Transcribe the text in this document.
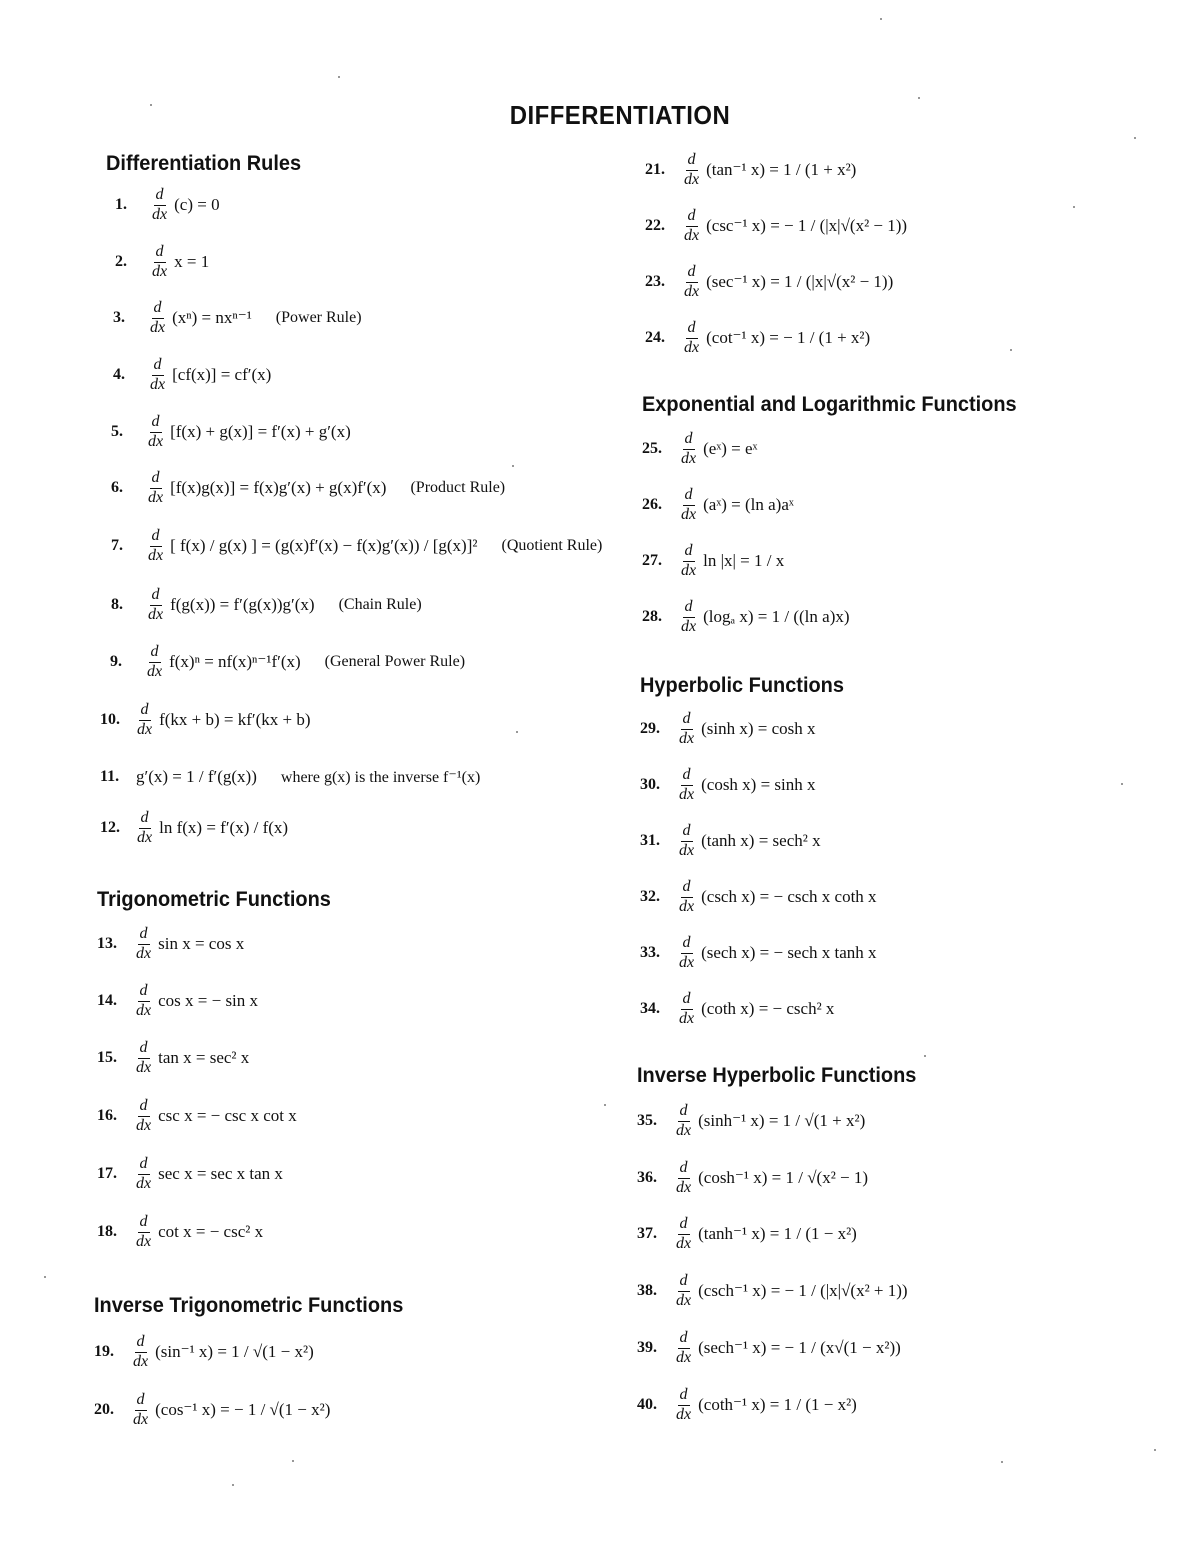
DIFFERENTIATION
Differentiation Rules
1.	$\frac{d}{dx} (c) = 0$
2.	$\frac{d}{dx}$ x = 1
3.	$\frac{d}{dx} (x^n) = nx^{n-1}$ (Power Rule)
4.	$\frac{d}{dx} [cf(x)] = cf'(x)$
5.	$\frac{d}{dx} [f(x) + g(x)] = f'(x) + g'(x)$
6.	$\frac{d}{dx} [f(x)g(x)] = f(x)g'(x) + g(x)f'(x)$ (Product Rule)
7.	$\frac{d}{dx}$ [ f(x) / g(x) ] = (g(x)f′(x) − f(x)g′(x)) / [g(x)]² (Quotient Rule)
8.	$\frac{d}{dx} f(g(x)) = f'(g(x))g'(x)$ (Chain Rule)
9.	$\frac{d}{dx} f(x)^n = nf(x)^{n-1}f'(x)$ (General Power Rule)
10. $\frac{d}{dx} f(kx + b) = kf'(kx + b)$
11. g′(x) = 1 / f′(g(x)) where g(x) is the inverse f⁻¹(x)
12. $\frac{d}{dx}$ ln f(x) = f′(x) / f(x)
Trigonometric Functions
13.	$\frac{d}{dx}$ sin x = cos x
14.	$\frac{d}{dx}$ cos x = − sin x
15.	$\frac{d}{dx}$ tan x = sec² x
16.	$\frac{d}{dx}$ csc x = − csc x cot x
17.	$\frac{d}{dx}$ sec x = sec x tan x
18.	$\frac{d}{dx}$ cot x = − csc² x
Inverse Trigonometric Functions
19.	$\frac{d}{dx} (\sin^{-1}$ x) = 1 / √(1 − x²)
20.	$\frac{d}{dx} (\cos^{-1}$ x) = − 1 / √(1 − x²)
21.	$\frac{d}{dx} (\tan^{-1}$ x) = 1 / (1 + x²)
22.	$\frac{d}{dx} (\csc^{-1}$ x) = − 1 / (|x|√(x² − 1))
23.	$\frac{d}{dx} (\sec^{-1}$ x) = 1 / (|x|√(x² − 1))
24.	$\frac{d}{dx} (\cot^{-1}$ x) = − 1 / (1 + x²)
Exponential and Logarithmic Functions
25.	$\frac{d}{dx}$ (eˣ) = eˣ
26.	$\frac{d}{dx}$ (aˣ) = (ln a)aˣ
27.	$\frac{d}{dx}$ ln |x| = 1 / x
28.	$\frac{d}{dx} (\log_a$ x) = 1 / ((ln a)x)
Hyperbolic Functions
29.	$\frac{d}{dx} (\sinh$ x) = cosh x
30.	$\frac{d}{dx} (\cosh$ x) = sinh x
31.	$\frac{d}{dx} (\tanh$ x) = sech² x
32.	$\frac{d}{dx} (\csc h$ x) = − csch x coth x
33.	$\frac{d}{dx} (\sec h$ x) = − sech x tanh x
34.	$\frac{d}{dx} (\cot h$ x) = − csch² x
Inverse Hyperbolic Functions
35.	$\frac{d}{dx} (\sinh^{-1}$ x) = 1 / √(1 + x²)
36.	$\frac{d}{dx} (\cosh^{-1}$ x) = 1 / √(x² − 1)
37.	$\frac{d}{dx} (\tanh^{-1}$ x) = 1 / (1 − x²)
38.	$\frac{d}{dx} (\csc h^{-1}$ x) = − 1 / (|x|√(x² + 1))
39.	$\frac{d}{dx} (\sec h^{-1}$ x) = − 1 / (x√(1 − x²))
40.	$\frac{d}{dx} (\cot h^{-1}$ x) = 1 / (1 − x²)
